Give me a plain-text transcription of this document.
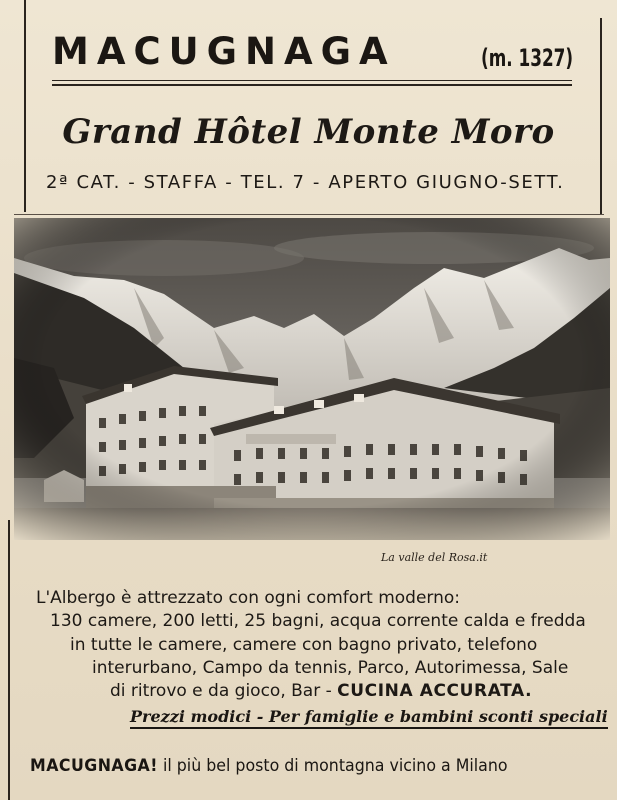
MACUGNAGA	(m. 1327)
Grand Hôtel Monte Moro
2ª CAT. - STAFFA - TEL. 7 - APERTO GIUGNO-SETT.
La valle del Rosa.it
L'Albergo è attrezzato con ogni comfort moderno:
130 camere, 200 letti, 25 bagni, acqua corrente calda e fredda
in tutte le camere, camere con bagno privato, telefono
interurbano, Campo da tennis, Parco, Autorimessa, Sale
di ritrovo e da gioco, Bar - CUCINA ACCURATA.
Prezzi modici - Per famiglie e bambini sconti speciali
MACUGNAGA! il più bel posto di montagna vicino a Milano
